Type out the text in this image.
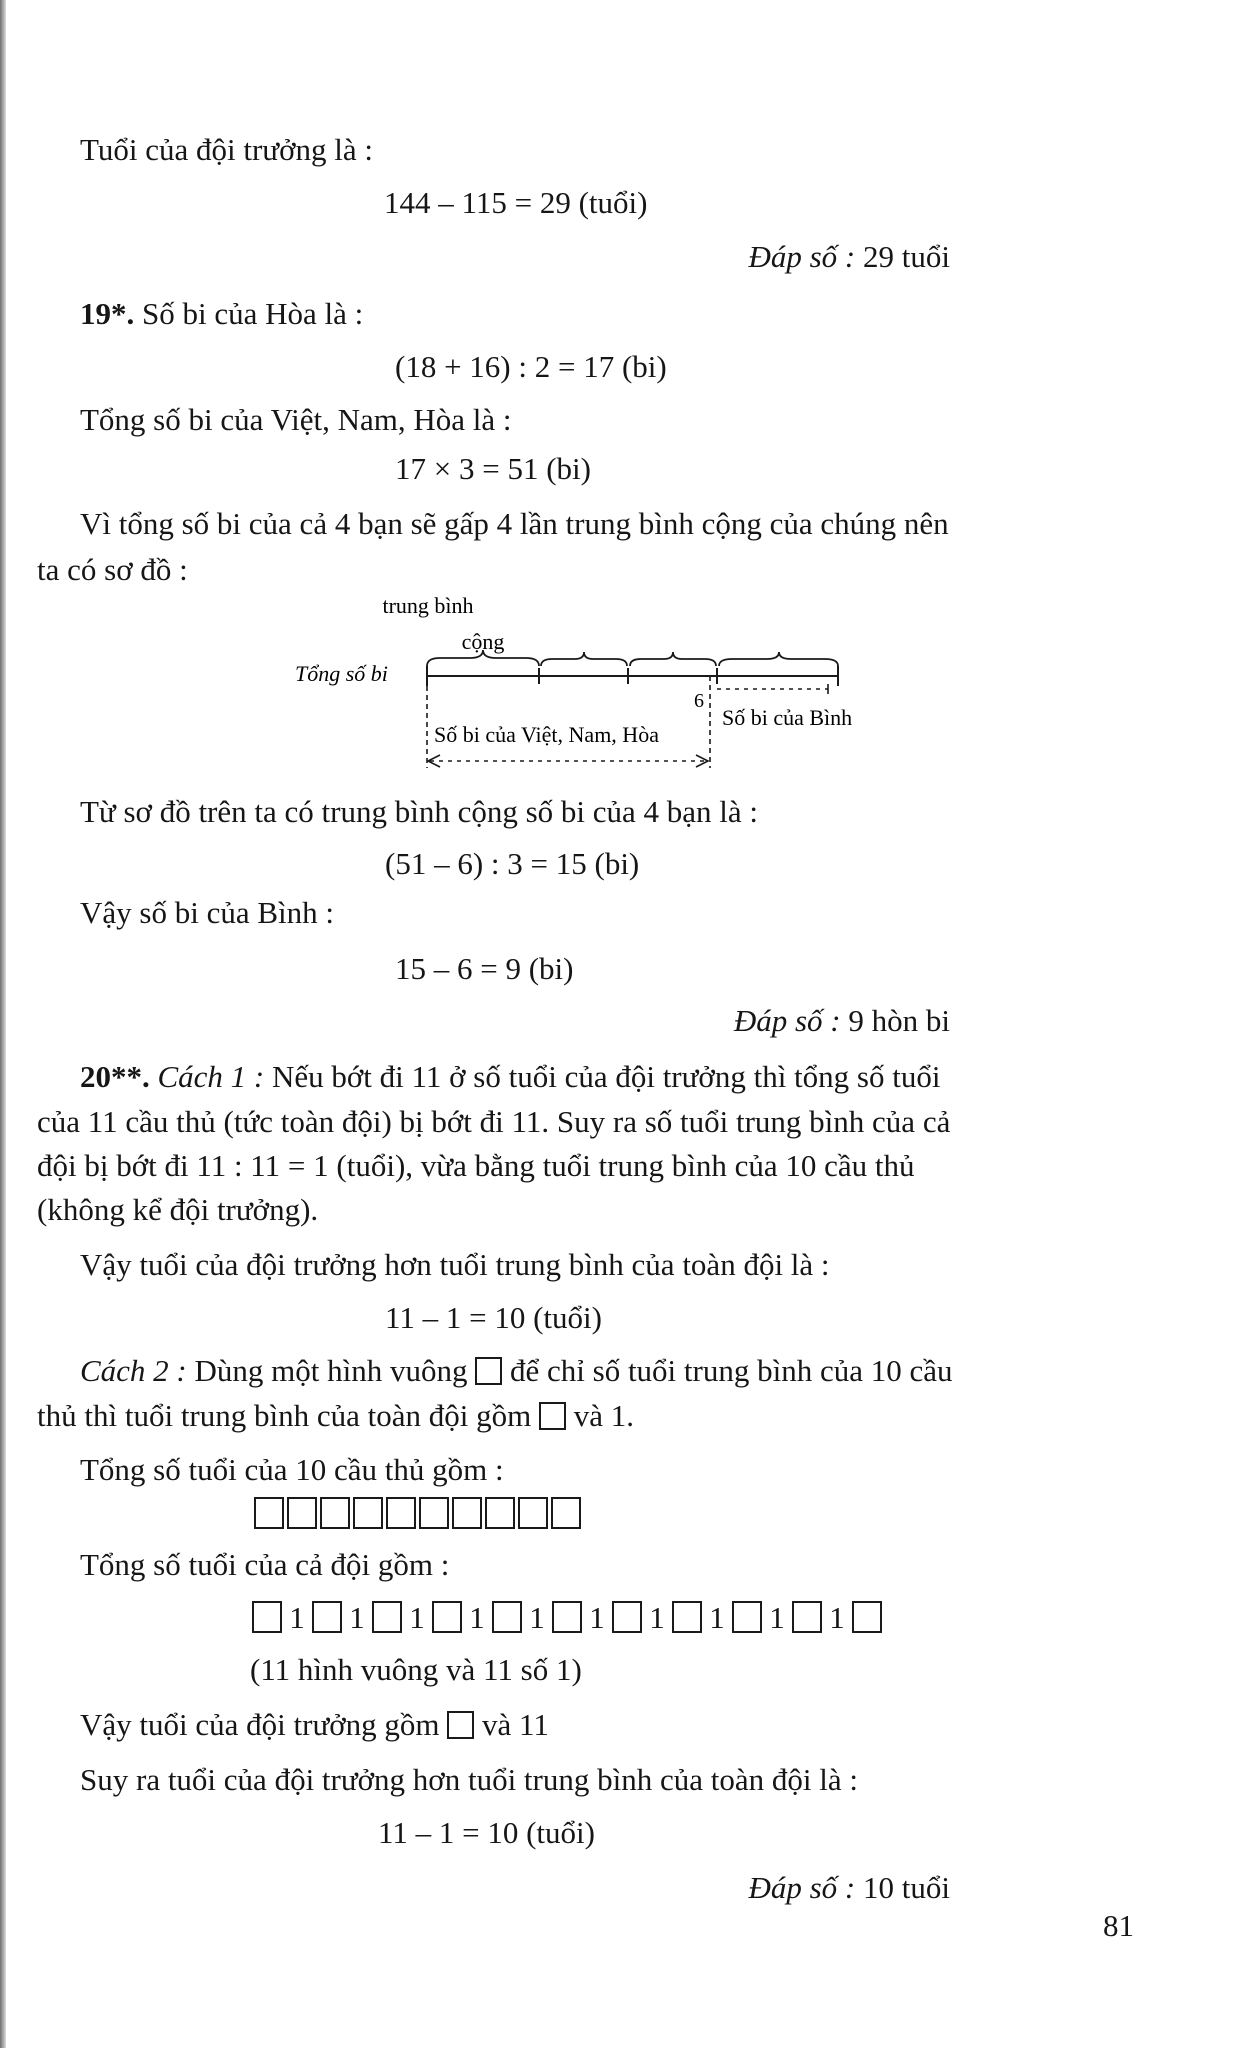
Tuổi của đội trưởng là :
144 – 115 = 29 (tuổi)
Đáp số : 29 tuổi
19*. Số bi của Hòa là :
(18 + 16) : 2 = 17 (bi)
Tổng số bi của Việt, Nam, Hòa là :
17 × 3 = 51 (bi)
Vì tổng số bi của cả 4 bạn sẽ gấp 4 lần trung bình cộng của chúng nên
ta có sơ đồ :
trung bình
cộng
Tổng số bi
6
Số bi của Bình
Số bi của Việt, Nam, Hòa
Từ sơ đồ trên ta có trung bình cộng số bi của 4 bạn là :
(51 – 6) : 3 = 15 (bi)
Vậy số bi của Bình :
15 – 6 = 9 (bi)
Đáp số : 9 hòn bi
20**. Cách 1 : Nếu bớt đi 11 ở số tuổi của đội trưởng thì tổng số tuổi
của 11 cầu thủ (tức toàn đội) bị bớt đi 11. Suy ra số tuổi trung bình của cả
đội bị bớt đi 11 : 11 = 1 (tuổi), vừa bằng tuổi trung bình của 10 cầu thủ
(không kể đội trưởng).
Vậy tuổi của đội trưởng hơn tuổi trung bình của toàn đội là :
11 – 1 = 10 (tuổi)
Cách 2 : Dùng một hình vuông để chỉ số tuổi trung bình của 10 cầu
thủ thì tuổi trung bình của toàn đội gồm và 1.
Tổng số tuổi của 10 cầu thủ gồm :
Tổng số tuổi của cả đội gồm :
1 1 1 1 1 1 1 1 1 1
(11 hình vuông và 11 số 1)
Vậy tuổi của đội trưởng gồm và 11
Suy ra tuổi của đội trưởng hơn tuổi trung bình của toàn đội là :
11 – 1 = 10 (tuổi)
Đáp số : 10 tuổi
81
